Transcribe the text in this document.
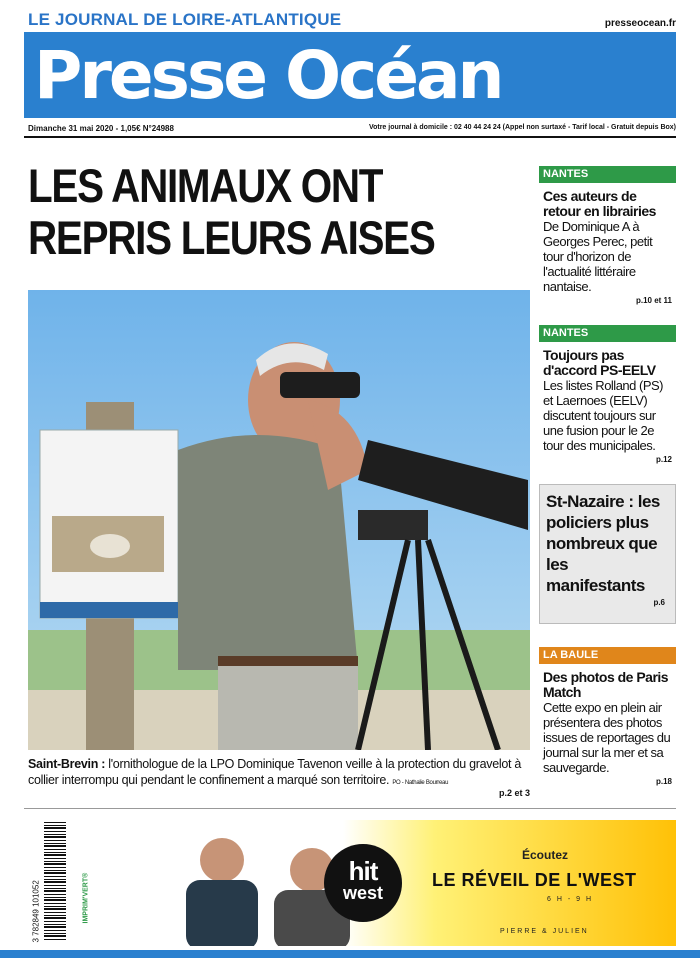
LE JOURNAL DE LOIRE-ATLANTIQUE	presseocean.fr
Presse Océan
Dimanche 31 mai 2020 - 1,05€ N°24988	Votre journal à domicile : 02 40 44 24 24 (Appel non surtaxé - Tarif local - Gratuit depuis Box)
LES ANIMAUX ONT
REPRIS LEURS AISES
Saint-Brevin : l'ornithologue de la LPO Dominique Tavenon veille à la protection du gravelot à collier interrompu qui pendant le confinement a marqué son territoire. PO - Nathalie Bourreau
p.2 et 3
NANTES
Ces auteurs de retour en librairies
De Dominique A à Georges Perec, petit tour d'horizon de l'actualité littéraire nantaise.
p.10 et 11
NANTES
Toujours pas d'accord PS-EELV
Les listes Rolland (PS) et Laernoes (EELV) discutent toujours sur une fusion pour le 2e tour des municipales.
p.12
St-Nazaire : les policiers plus nombreux que les manifestants
p.6
LA BAULE
Des photos de Paris Match
Cette expo en plein air présentera des photos issues de reportages du journal sur la mer et sa sauvegarde.
p.18
3 782849 101052	IMPRIM'VERT®
hit
west
Écoutez
LE RÉVEIL DE L'WEST
6 H - 9 H
PIERRE & JULIEN
